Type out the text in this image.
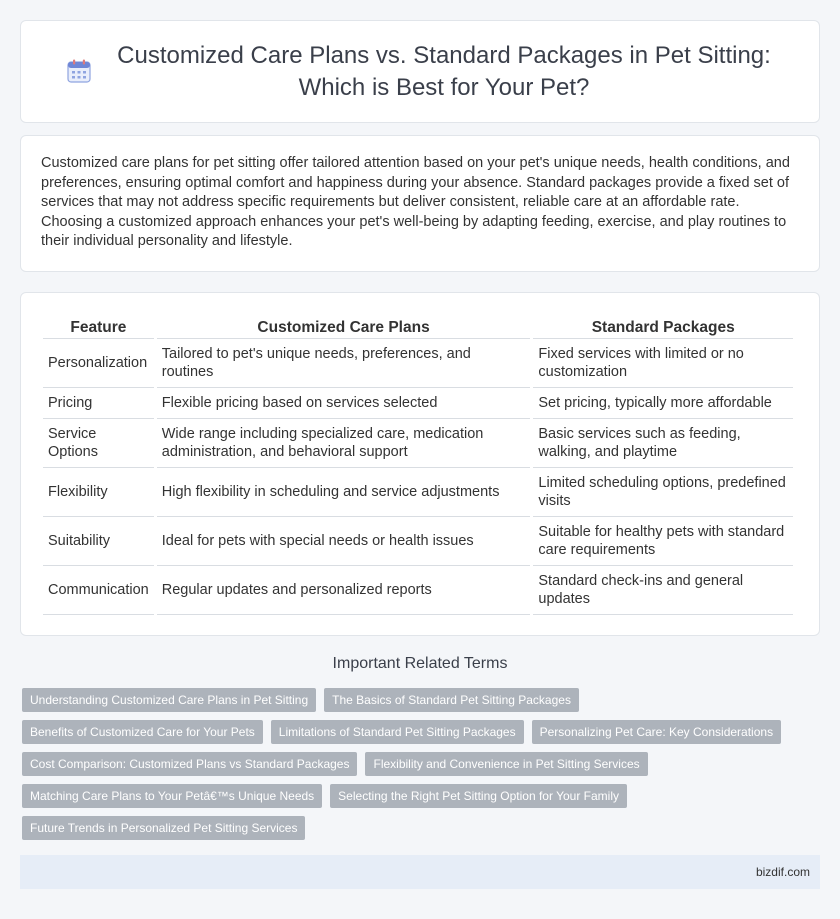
Customized Care Plans vs. Standard Packages in Pet Sitting: Which is Best for Your Pet?

Customized care plans for pet sitting offer tailored attention based on your pet's unique needs, health conditions, and preferences, ensuring optimal comfort and happiness during your absence. Standard packages provide a fixed set of services that may not address specific requirements but deliver consistent, reliable care at an affordable rate. Choosing a customized approach enhances your pet's well-being by adapting feeding, exercise, and play routines to their individual personality and lifestyle.

Feature	Customized Care Plans	Standard Packages
Personalization	Tailored to pet's unique needs, preferences, and routines	Fixed services with limited or no customization
Pricing	Flexible pricing based on services selected	Set pricing, typically more affordable
Service Options	Wide range including specialized care, medication administration, and behavioral support	Basic services such as feeding, walking, and playtime
Flexibility	High flexibility in scheduling and service adjustments	Limited scheduling options, predefined visits
Suitability	Ideal for pets with special needs or health issues	Suitable for healthy pets with standard care requirements
Communication	Regular updates and personalized reports	Standard check-ins and general updates
Important Related Terms
Understanding Customized Care Plans in Pet Sitting	The Basics of Standard Pet Sitting Packages
Benefits of Customized Care for Your Pets	Limitations of Standard Pet Sitting Packages	Personalizing Pet Care: Key Considerations
Cost Comparison: Customized Plans vs Standard Packages	Flexibility and Convenience in Pet Sitting Services
Matching Care Plans to Your Petâ€™s Unique Needs	Selecting the Right Pet Sitting Option for Your Family
Future Trends in Personalized Pet Sitting Services
bizdif.com
